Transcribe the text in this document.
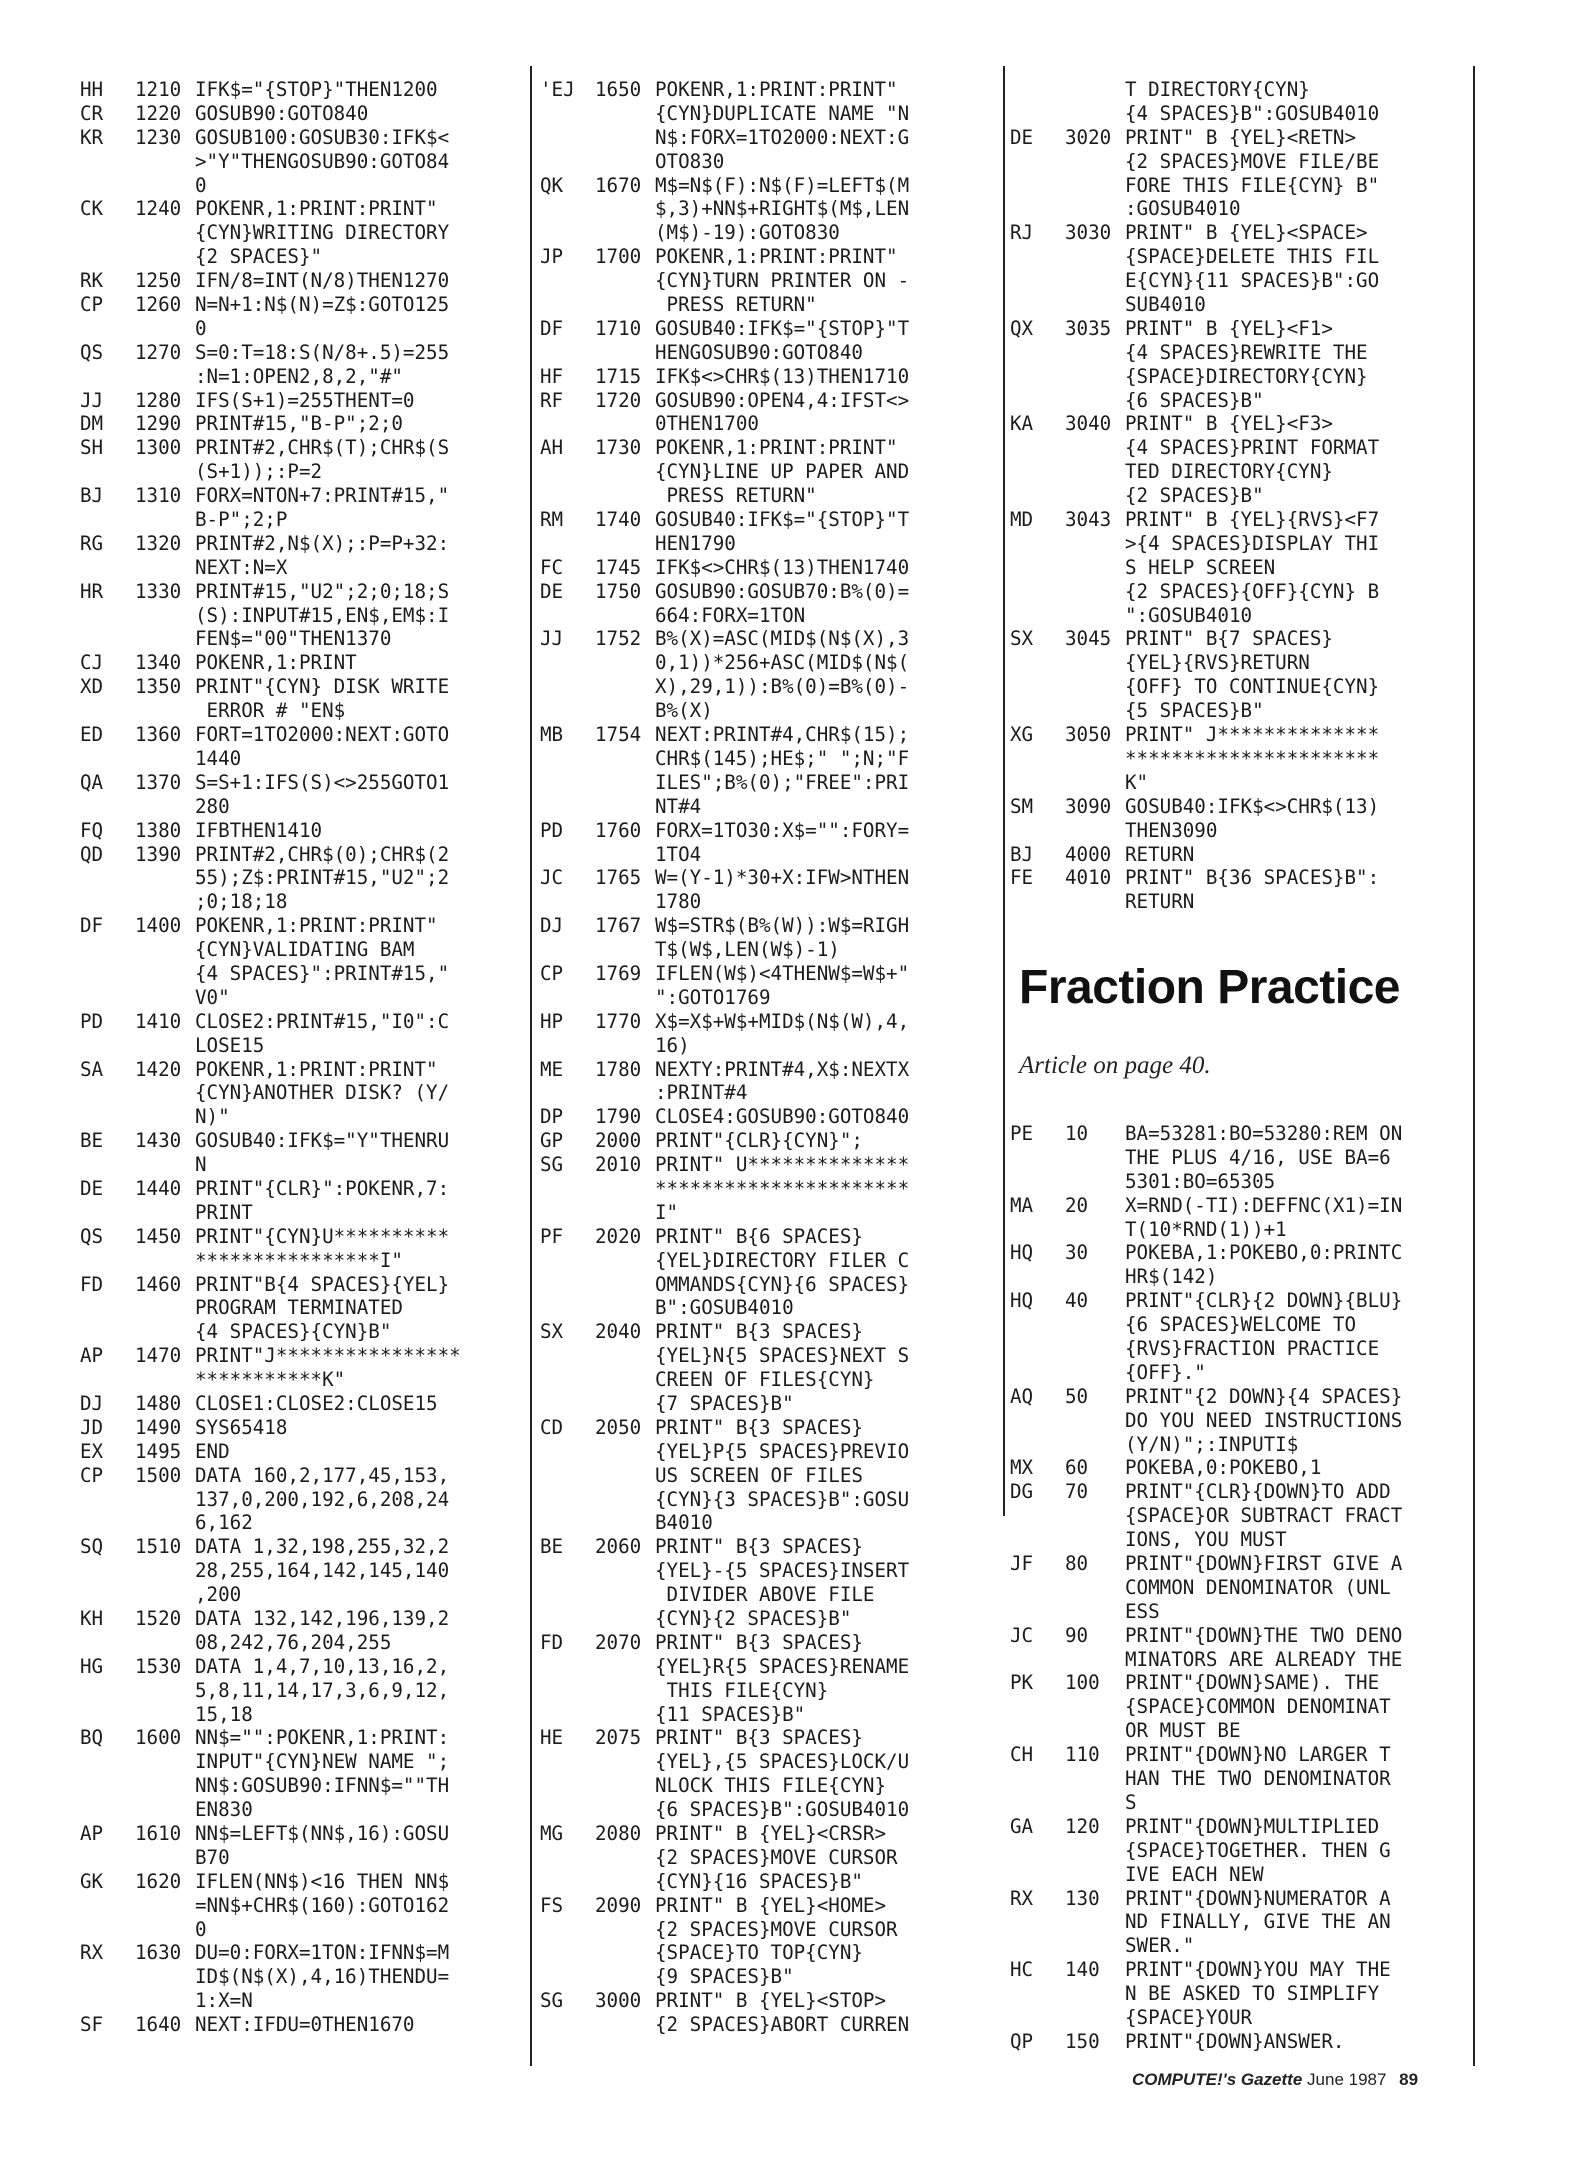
HH 1210 IFK$="{STOP}"THEN1200
CR 1220 GOSUB90:GOTO840
KR 1230 GOSUB100:GOSUB30:IFK$<
>"Y"THENGOSUB90:GOTO84
0
CK 1240 POKENR,1:PRINT:PRINT"
{CYN}WRITING DIRECTORY
{2 SPACES}"
RK 1250 IFN/8=INT(N/8)THEN1270
CP 1260 N=N+1:N$(N)=Z$:GOTO125
0
QS 1270 S=0:T=18:S(N/8+.5)=255
:N=1:OPEN2,8,2,"#"
JJ 1280 IFS(S+1)=255THENT=0
DM 1290 PRINT#15,"B-P";2;0
SH 1300 PRINT#2,CHR$(T);CHR$(S
(S+1));:P=2
BJ 1310 FORX=NTON+7:PRINT#15,"
B-P";2;P
RG 1320 PRINT#2,N$(X);:P=P+32:
NEXT:N=X
HR 1330 PRINT#15,"U2";2;0;18;S
(S):INPUT#15,EN$,EM$:I
FEN$="00"THEN1370
CJ 1340 POKENR,1:PRINT
XD 1350 PRINT"{CYN} DISK WRITE
ERROR # "EN$
ED 1360 FORT=1TO2000:NEXT:GOTO
1440
QA 1370 S=S+1:IFS(S)<>255GOTO1
280
FQ 1380 IFBTHEN1410
QD 1390 PRINT#2,CHR$(0);CHR$(2
55);Z$:PRINT#15,"U2";2
;0;18;18
DF 1400 POKENR,1:PRINT:PRINT"
{CYN}VALIDATING BAM
{4 SPACES}":PRINT#15,"
V0"
PD 1410 CLOSE2:PRINT#15,"I0":C
LOSE15
SA 1420 POKENR,1:PRINT:PRINT"
{CYN}ANOTHER DISK? (Y/
N)"
BE 1430 GOSUB40:IFK$="Y"THENRU
N
DE 1440 PRINT"{CLR}":POKENR,7:
PRINT
QS 1450 PRINT"{CYN}U**********
****************I"
FD 1460 PRINT"B{4 SPACES}{YEL}
PROGRAM TERMINATED
{4 SPACES}{CYN}B"
AP 1470 PRINT"J****************
***********K"
DJ 1480 CLOSE1:CLOSE2:CLOSE15
JD 1490 SYS65418
EX 1495 END
CP 1500 DATA 160,2,177,45,153,
137,0,200,192,6,208,24
6,162
SQ 1510 DATA 1,32,198,255,32,2
28,255,164,142,145,140
,200
KH 1520 DATA 132,142,196,139,2
08,242,76,204,255
HG 1530 DATA 1,4,7,10,13,16,2,
5,8,11,14,17,3,6,9,12,
15,18
BQ 1600 NN$="":POKENR,1:PRINT:
INPUT"{CYN}NEW NAME ";
NN$:GOSUB90:IFNN$=""TH
EN830
AP 1610 NN$=LEFT$(NN$,16):GOSU
B70
GK 1620 IFLEN(NN$)<16 THEN NN$
=NN$+CHR$(160):GOTO162
0
RX 1630 DU=0:FORX=1TON:IFNN$=M
ID$(N$(X),4,16)THENDU=
1:X=N
SF 1640 NEXT:IFDU=0THEN1670
'EJ 1650 POKENR,1:PRINT:PRINT"
{CYN}DUPLICATE NAME "N
N$:FORX=1TO2000:NEXT:G
OTO830
QK 1670 M$=N$(F):N$(F)=LEFT$(M
$,3)+NN$+RIGHT$(M$,LEN
(M$)-19):GOTO830
JP 1700 POKENR,1:PRINT:PRINT"
{CYN}TURN PRINTER ON -
PRESS RETURN"
DF 1710 GOSUB40:IFK$="{STOP}"T
HENGOSUB90:GOTO840
HF 1715 IFK$<>CHR$(13)THEN1710
RF 1720 GOSUB90:OPEN4,4:IFST<>
0THEN1700
AH 1730 POKENR,1:PRINT:PRINT"
{CYN}LINE UP PAPER AND
PRESS RETURN"
RM 1740 GOSUB40:IFK$="{STOP}"T
HEN1790
FC 1745 IFK$<>CHR$(13)THEN1740
DE 1750 GOSUB90:GOSUB70:B%(0)=
664:FORX=1TON
JJ 1752 B%(X)=ASC(MID$(N$(X),3
0,1))*256+ASC(MID$(N$(
X),29,1)):B%(0)=B%(0)-
B%(X)
MB 1754 NEXT:PRINT#4,CHR$(15);
CHR$(145);HE$;" ";N;"F
ILES";B%(0);"FREE":PRI
NT#4
PD 1760 FORX=1TO30:X$="":FORY=
1TO4
JC 1765 W=(Y-1)*30+X:IFW>NTHEN
1780
DJ 1767 W$=STR$(B%(W)):W$=RIGH
T$(W$,LEN(W$)-1)
CP 1769 IFLEN(W$)<4THENW$=W$+"
":GOTO1769
HP 1770 X$=X$+W$+MID$(N$(W),4,
16)
ME 1780 NEXTY:PRINT#4,X$:NEXTX
:PRINT#4
DP 1790 CLOSE4:GOSUB90:GOTO840
GP 2000 PRINT"{CLR}{CYN}";
SG 2010 PRINT" U**************
**********************
I"
PF 2020 PRINT" B{6 SPACES}
{YEL}DIRECTORY FILER C
OMMANDS{CYN}{6 SPACES}
B":GOSUB4010
SX 2040 PRINT" B{3 SPACES}
{YEL}N{5 SPACES}NEXT S
CREEN OF FILES{CYN}
{7 SPACES}B"
CD 2050 PRINT" B{3 SPACES}
{YEL}P{5 SPACES}PREVIO
US SCREEN OF FILES
{CYN}{3 SPACES}B":GOSU
B4010
BE 2060 PRINT" B{3 SPACES}
{YEL}-{5 SPACES}INSERT
DIVIDER ABOVE FILE
{CYN}{2 SPACES}B"
FD 2070 PRINT" B{3 SPACES}
{YEL}R{5 SPACES}RENAME
THIS FILE{CYN}
{11 SPACES}B"
HE 2075 PRINT" B{3 SPACES}
{YEL},{5 SPACES}LOCK/U
NLOCK THIS FILE{CYN}
{6 SPACES}B":GOSUB4010
MG 2080 PRINT" B {YEL}<CRSR>
{2 SPACES}MOVE CURSOR
{CYN}{16 SPACES}B"
FS 2090 PRINT" B {YEL}<HOME>
{2 SPACES}MOVE CURSOR
{SPACE}TO TOP{CYN}
{9 SPACES}B"
SG 3000 PRINT" B {YEL}<STOP>
{2 SPACES}ABORT CURREN
T DIRECTORY{CYN}
{4 SPACES}B":GOSUB4010
DE 3020 PRINT" B {YEL}<RETN>
{2 SPACES}MOVE FILE/BE
FORE THIS FILE{CYN} B"
:GOSUB4010
RJ 3030 PRINT" B {YEL}<SPACE>
{SPACE}DELETE THIS FIL
E{CYN}{11 SPACES}B":GO
SUB4010
QX 3035 PRINT" B {YEL}<F1>
{4 SPACES}REWRITE THE
{SPACE}DIRECTORY{CYN}
{6 SPACES}B"
KA 3040 PRINT" B {YEL}<F3>
{4 SPACES}PRINT FORMAT
TED DIRECTORY{CYN}
{2 SPACES}B"
MD 3043 PRINT" B {YEL}{RVS}<F7
>{4 SPACES}DISPLAY THI
S HELP SCREEN
{2 SPACES}{OFF}{CYN} B
":GOSUB4010
SX 3045 PRINT" B{7 SPACES}
{YEL}{RVS}RETURN
{OFF} TO CONTINUE{CYN}
{5 SPACES}B"
XG 3050 PRINT" J**************
**********************
K"
SM 3090 GOSUB40:IFK$<>CHR$(13)
THEN3090
BJ 4000 RETURN
FE 4010 PRINT" B{36 SPACES}B":
RETURN
Fraction Practice
Article on page 40.
PE 10 BA=53281:BO=53280:REM ON
THE PLUS 4/16, USE BA=6
5301:BO=65305
MA 20 X=RND(-TI):DEFFNC(X1)=IN
T(10*RND(1))+1
HQ 30 POKEBA,1:POKEBO,0:PRINTC
HR$(142)
HQ 40 PRINT"{CLR}{2 DOWN}{BLU}
{6 SPACES}WELCOME TO
{RVS}FRACTION PRACTICE
{OFF}."
AQ 50 PRINT"{2 DOWN}{4 SPACES}
DO YOU NEED INSTRUCTIONS
(Y/N)";:INPUTI$
MX 60 POKEBA,0:POKEBO,1
DG 70 PRINT"{CLR}{DOWN}TO ADD
{SPACE}OR SUBTRACT FRACT
IONS, YOU MUST
JF 80 PRINT"{DOWN}FIRST GIVE A
COMMON DENOMINATOR (UNL
ESS
JC 90 PRINT"{DOWN}THE TWO DENO
MINATORS ARE ALREADY THE
PK 100 PRINT"{DOWN}SAME). THE
{SPACE}COMMON DENOMINAT
OR MUST BE
CH 110 PRINT"{DOWN}NO LARGER T
HAN THE TWO DENOMINATOR
S
GA 120 PRINT"{DOWN}MULTIPLIED
{SPACE}TOGETHER. THEN G
IVE EACH NEW
RX 130 PRINT"{DOWN}NUMERATOR A
ND FINALLY, GIVE THE AN
SWER."
HC 140 PRINT"{DOWN}YOU MAY THE
N BE ASKED TO SIMPLIFY
{SPACE}YOUR
QP 150 PRINT"{DOWN}ANSWER.
COMPUTE!'s Gazette June 1987 89
